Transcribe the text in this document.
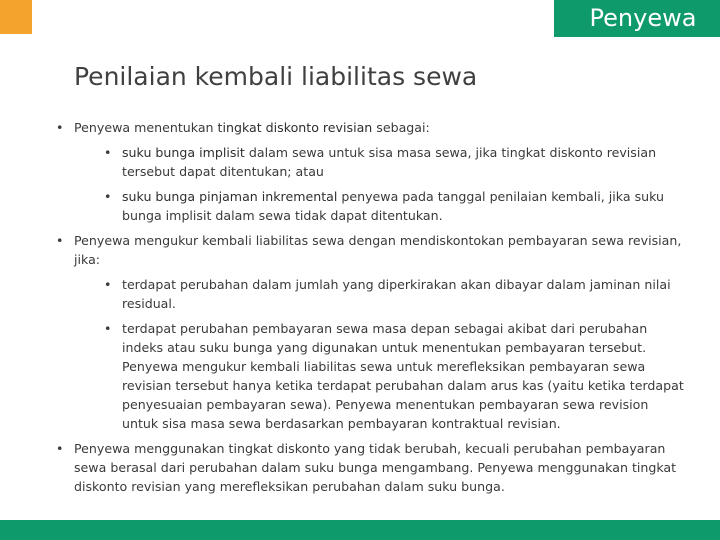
Penyewa
Penilaian kembali liabilitas sewa
• Penyewa menentukan tingkat diskonto revisian sebagai:
• suku bunga implisit dalam sewa untuk sisa masa sewa, jika tingkat diskonto revisian tersebut dapat ditentukan; atau
• suku bunga pinjaman inkremental penyewa pada tanggal penilaian kembali, jika suku bunga implisit dalam sewa tidak dapat ditentukan.
• Penyewa mengukur kembali liabilitas sewa dengan mendiskontokan pembayaran sewa revisian, jika:
• terdapat perubahan dalam jumlah yang diperkirakan akan dibayar dalam jaminan nilai residual.
• terdapat perubahan pembayaran sewa masa depan sebagai akibat dari perubahan indeks atau suku bunga yang digunakan untuk menentukan pembayaran tersebut. Penyewa mengukur kembali liabilitas sewa untuk merefleksikan pembayaran sewa revisian tersebut hanya ketika terdapat perubahan dalam arus kas (yaitu ketika terdapat penyesuaian pembayaran sewa). Penyewa menentukan pembayaran sewa revision untuk sisa masa sewa berdasarkan pembayaran kontraktual revisian.
• Penyewa menggunakan tingkat diskonto yang tidak berubah, kecuali perubahan pembayaran sewa berasal dari perubahan dalam suku bunga mengambang. Penyewa menggunakan tingkat diskonto revisian yang merefleksikan perubahan dalam suku bunga.
